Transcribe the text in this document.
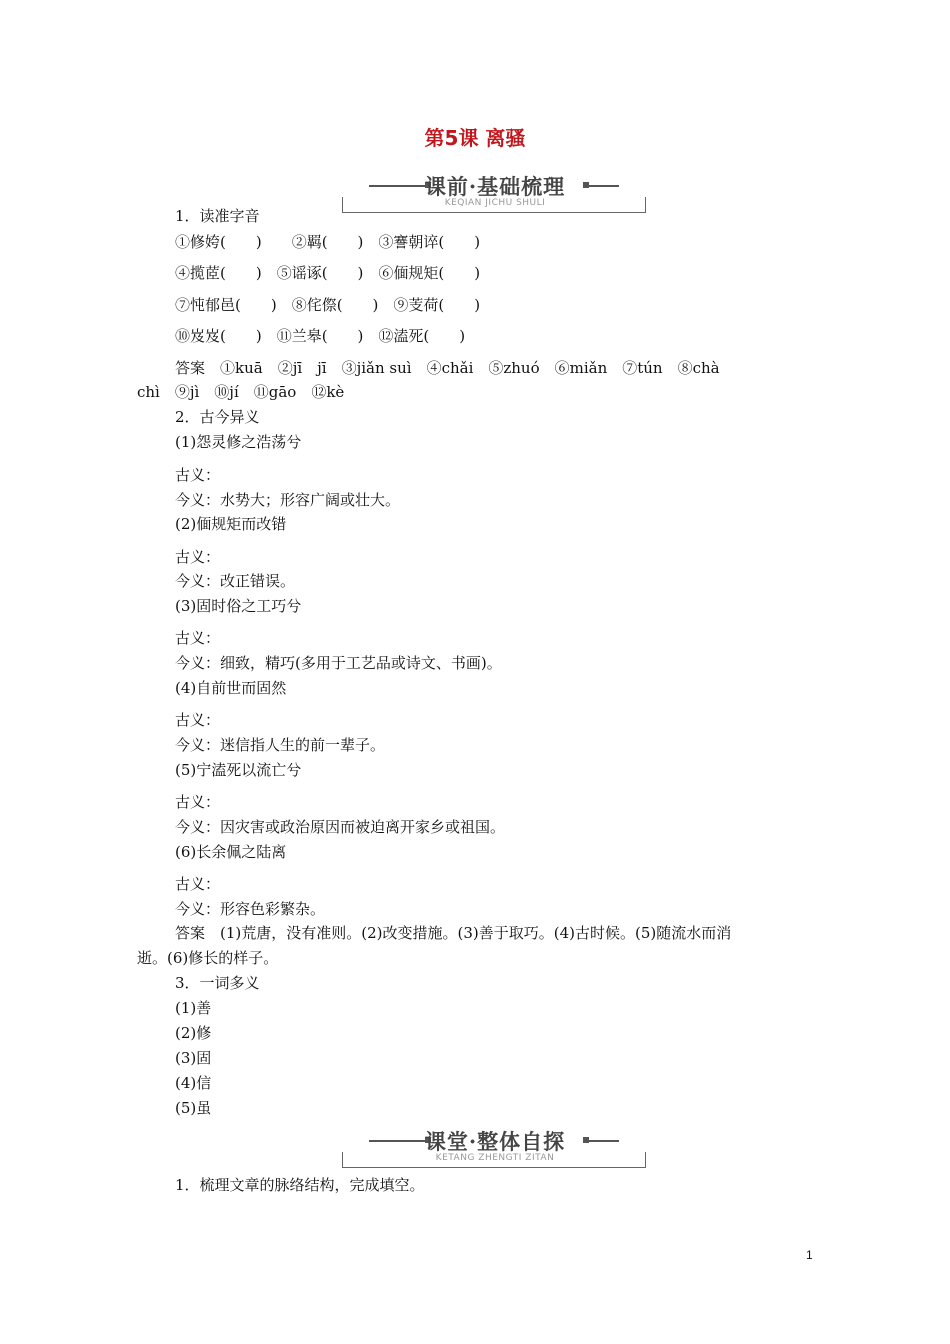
第5课 离骚
课前·基础梳理
KEQIAN JICHU SHULI
1．读准字音
①修姱(　　)　　②羁(　　)　③謇朝谇(　　)
④揽茝(　　)　⑤谣诼(　　)　⑥偭规矩(　　)
⑦忳郁邑(　　)　⑧侘傺(　　)　⑨芰荷(　　)
⑩岌岌(　　)　⑪兰皋(　　)　⑫溘死(　　)
答案　①kuā　②jī　jī　③jiǎn suì　④chǎi　⑤zhuó　⑥miǎn　⑦tún　⑧chà
chì　⑨jì　⑩jí　⑪gāo　⑫kè
2．古今异义
(1)怨灵修之浩荡兮
古义：
今义：水势大；形容广阔或壮大。
(2)偭规矩而改错
古义：
今义：改正错误。
(3)固时俗之工巧兮
古义：
今义：细致，精巧(多用于工艺品或诗文、书画)。
(4)自前世而固然
古义：
今义：迷信指人生的前一辈子。
(5)宁溘死以流亡兮
古义：
今义：因灾害或政治原因而被迫离开家乡或祖国。
(6)长余佩之陆离
古义：
今义：形容色彩繁杂。
答案　(1)荒唐，没有准则。(2)改变措施。(3)善于取巧。(4)古时候。(5)随流水而消
逝。(6)修长的样子。
3．一词多义
(1)善
(2)修
(3)固
(4)信
(5)虽
课堂·整体自探
KETANG ZHENGTI ZITAN
1．梳理文章的脉络结构，完成填空。
1
